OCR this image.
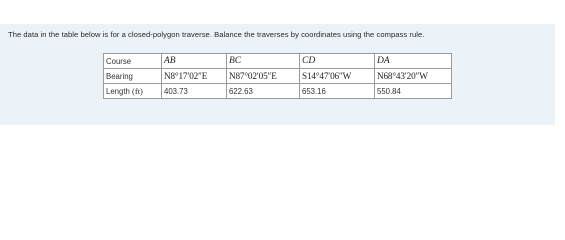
The data in the table below is for a closed-polygon traverse. Balance the traverses by coordinates using the compass rule.
Course	AB	BC	CD	DA
Bearing	N8°17′02″E	N87°02′05″E	S14°47′06″W	N68°43′20″W
Length (ft)	403.73	622.63	653.16	550.84
